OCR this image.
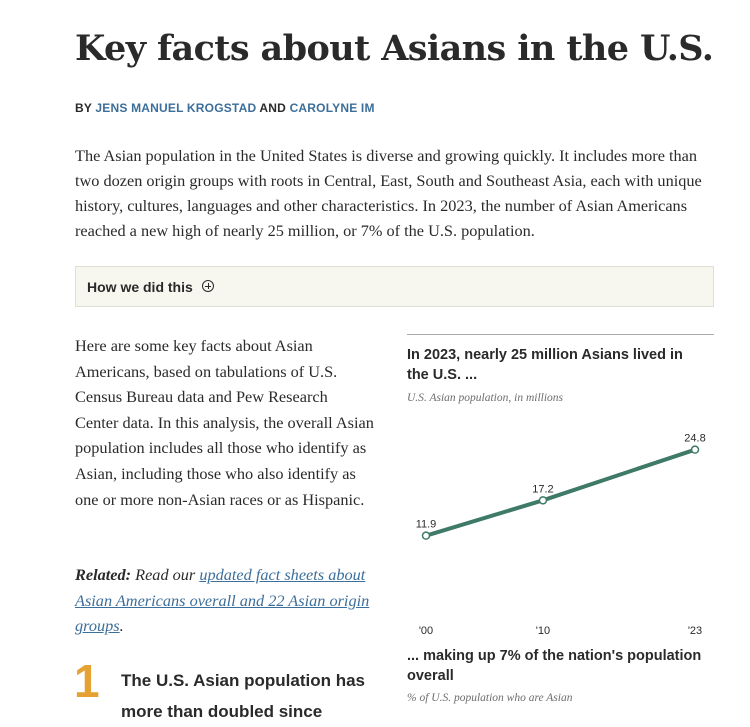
Key facts about Asians in the U.S.
BY JENS MANUEL KROGSTAD AND CAROLYNE IM

The Asian population in the United States is diverse and growing quickly. It includes more than two dozen origin groups with roots in Central, East, South and Southeast Asia, each with unique history, cultures, languages and other characteristics. In 2023, the number of Asian Americans reached a new high of nearly 25 million, or 7% of the U.S. population.

How we did this

Here are some key facts about Asian Americans, based on tabulations of U.S. Census Bureau data and Pew Research Center data. In this analysis, the overall Asian population includes all those who identify as Asian, including those who also identify as one or more non-Asian races or as Hispanic.

Related: Read our updated fact sheets about Asian Americans overall and 22 Asian origin groups.

1 The U.S. Asian population has more than doubled since

In 2023, nearly 25 million Asians lived in the U.S. ...

U.S. Asian population, in millions
11.9
'00
17.2
'10
24.8
'23

... making up 7% of the nation's population overall

% of U.S. population who are Asian
